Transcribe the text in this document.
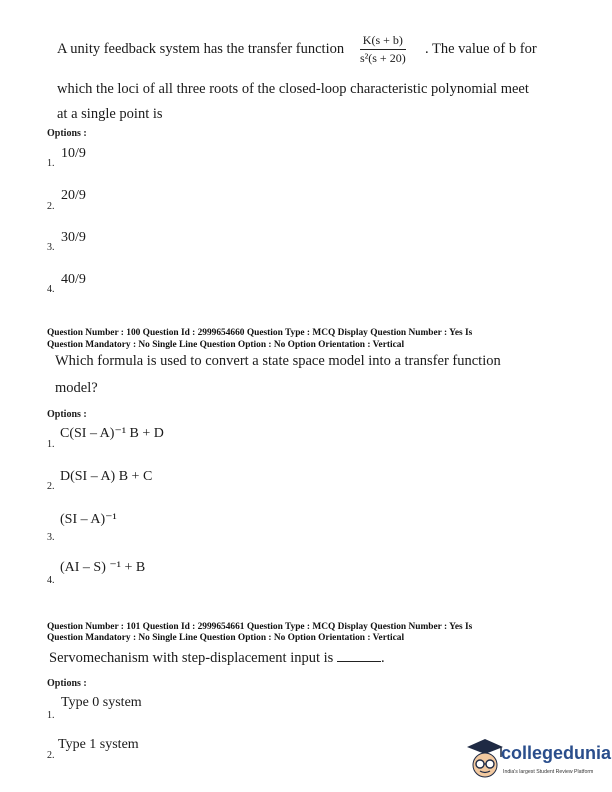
A unity feedback system has the transfer function $\frac{K(s + b)}{\text{s²(s + 20)}}$ . The value of b for
which the loci of all three roots of the closed-loop characteristic polynomial meet
at a single point is
Options :
1.
10/9
2.
20/9
3.
30/9
4.
40/9
Question Number : 100 Question Id : 2999654660 Question Type : MCQ Display Question Number : Yes Is
Question Mandatory : No Single Line Question Option : No Option Orientation : Vertical
Which formula is used to convert a state space model into a transfer function
model?
Options :
1.
C(SI – A)⁻¹ B + D
2.
D(SI – A) B + C
3.
(SI – A)⁻¹
4.
(AI – S) ⁻¹ + B
Question Number : 101 Question Id : 2999654661 Question Type : MCQ Display Question Number : Yes Is
Question Mandatory : No Single Line Question Option : No Option Orientation : Vertical
Servomechanism with step-displacement input is	.
Options :
1.
Type 0 system
2.
Type 1 system	collegedunia
India's largest Student Review Platform
